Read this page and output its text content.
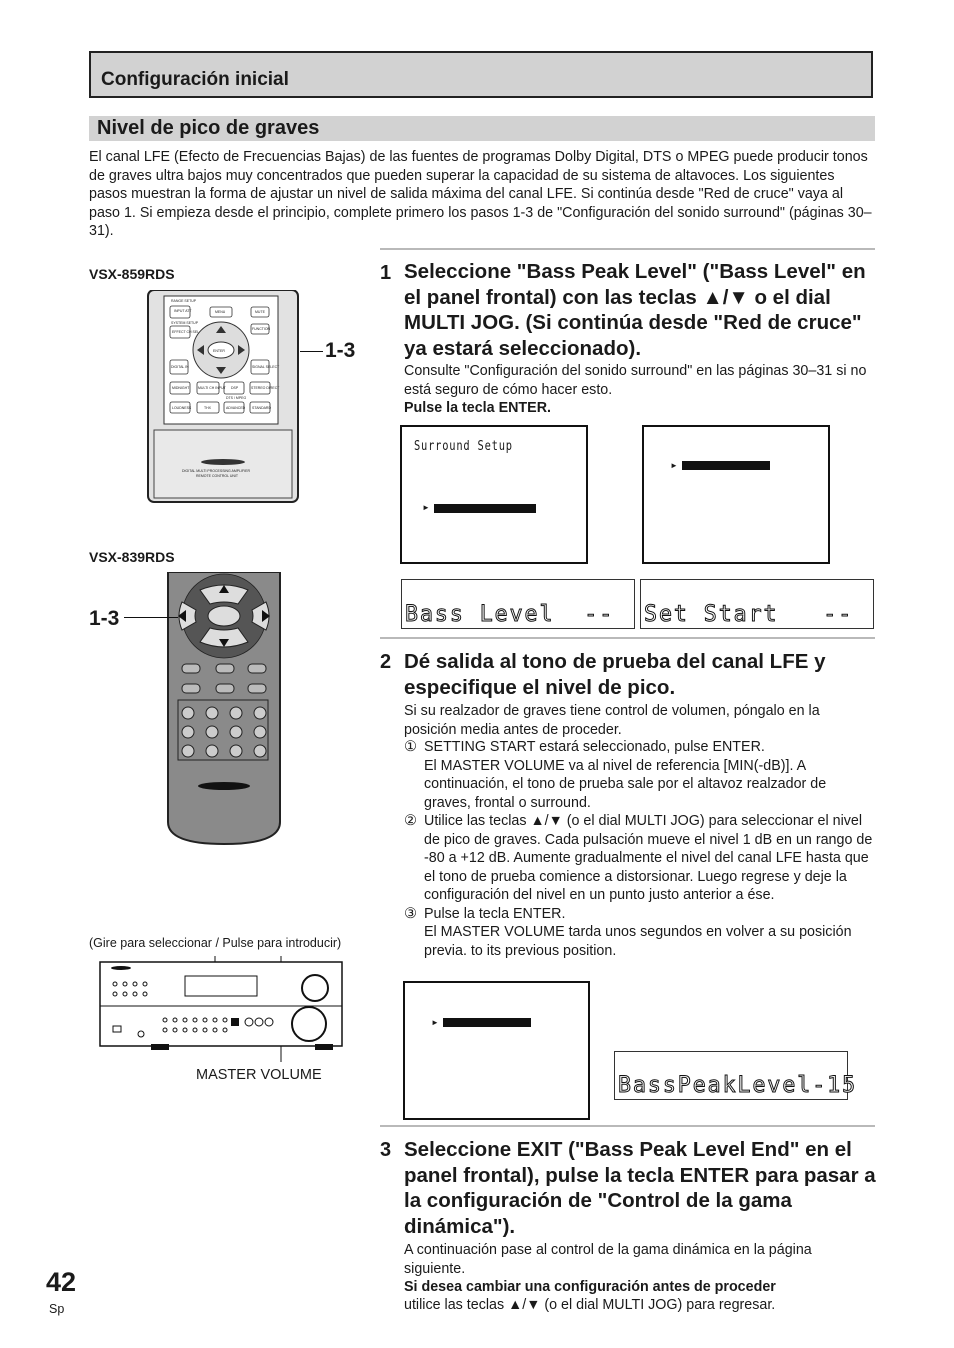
Configuración inicial
Nivel de pico de graves
El canal LFE (Efecto de Frecuencias Bajas) de las fuentes de programas Dolby Digital, DTS o MPEG puede producir tonos de graves ultra bajos muy concentrados que pueden superar la capacidad de su sistema de altavoces. Los siguientes pasos muestran la forma de ajustar un nivel de salida máxima del canal LFE. Si continúa desde "Red de cruce" vaya al paso 1. Si empieza desde el principio, complete primero los pasos 1-3 de "Configuración del sonido surround" (páginas 30–31).
VSX-859RDS
RANGE SETUP
INPUT ATT	MENU	MUTE
SYSTEM SETUP
EFFECT CH SEL
FUNCTION
DIGITAL IN
ENTER
SIGNAL SELECT
MIDNIGHT MULTI CH INPUT DSP	STEREO DIRECT
LOUDNESS	THX	ADVANCED STANDARD
DTS / MPEG
DIGITAL MULTI PROCESSING AMPLIFIER
REMOTE CONTROL UNIT
1-3
VSX-839RDS
1-3
(Gire para seleccionar / Pulse para introducir)
MASTER VOLUME
1 Seleccione "Bass Peak Level" ("Bass Level" en el panel frontal) con las teclas ▲/▼ o el dial MULTI JOG. (Si continúa desde "Red de cruce" ya estará seleccionado).
Consulte "Configuración del sonido surround" en las páginas 30–31 si no está seguro de cómo hacer esto.
Pulse la tecla ENTER.
Surround Setup
►
►
Bass Level  -- Set Start   --
2 Dé salida al tono de prueba del canal LFE y especifique el nivel de pico.
Si su realzador de graves tiene control de volumen, póngalo en la posición media antes de proceder.
① SETTING START estará seleccionado, pulse ENTER.
El MASTER VOLUME va al nivel de referencia [MIN(-dB)]. A continuación, el tono de prueba sale por el altavoz realzador de graves, frontal o surround.
② Utilice las teclas ▲/▼ (o el dial MULTI JOG) para seleccionar el nivel de pico de graves. Cada pulsación mueve el nivel 1 dB en un rango de -80 a +12 dB. Aumente gradualmente el nivel del canal LFE hasta que el tono de prueba comience a distorsionar. Luego regrese y deje la configuración del nivel en un punto justo anterior a ése.
③ Pulse la tecla ENTER.
El MASTER VOLUME tarda unos segundos en volver a su posición previa. to its previous position.
►
BassPeakLevel-15
3 Seleccione EXIT ("Bass Peak Level End" en el panel frontal), pulse la tecla ENTER para pasar a la configuración de "Control de la gama dinámica").
A continuación pase al control de la gama dinámica en la página siguiente.
Si desea cambiar una configuración antes de proceder
utilice las teclas ▲/▼ (o el dial MULTI JOG) para regresar.
42
Sp
